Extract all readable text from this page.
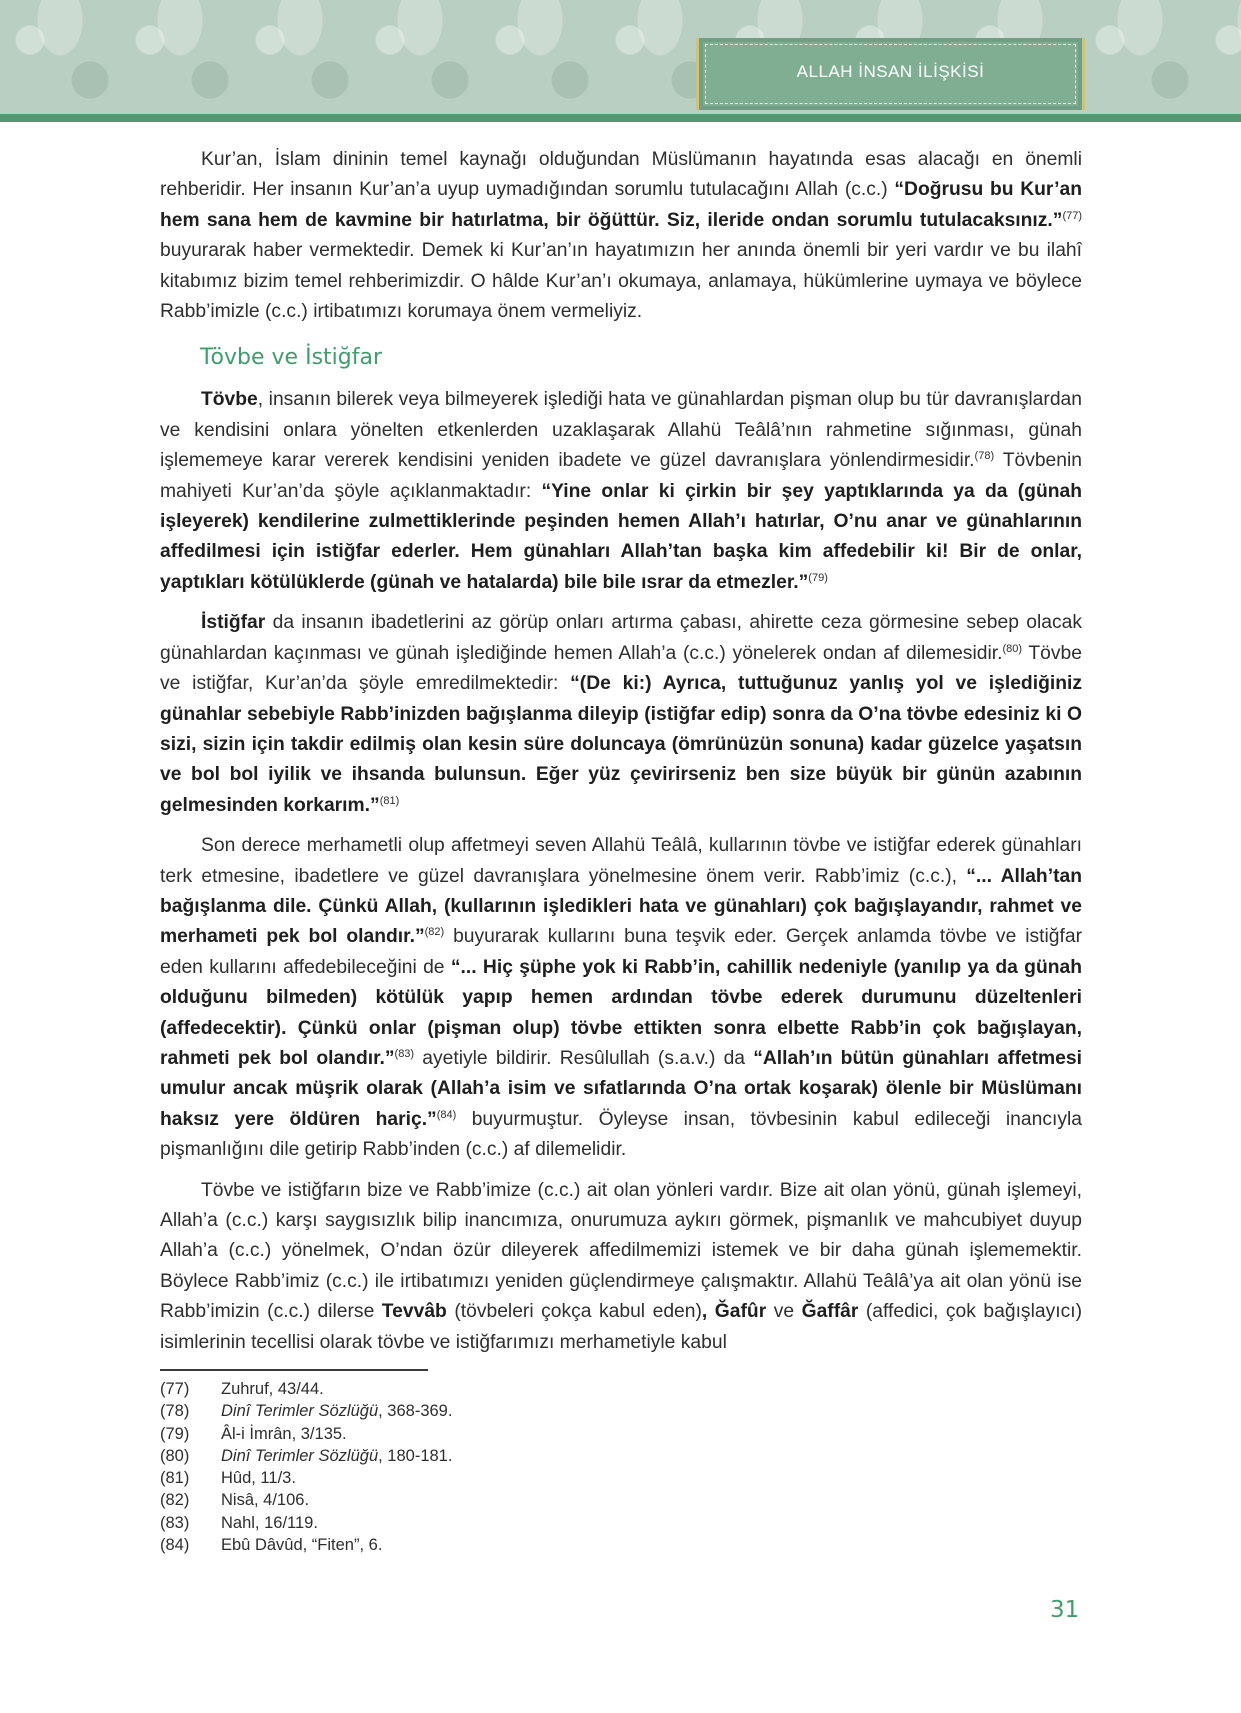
ALLAH İNSAN İLİŞKİSİ

Kur’an, İslam dininin temel kaynağı olduğundan Müslümanın hayatında esas alacağı en önemli rehberidir. Her insanın Kur’an’a uyup uymadığından sorumlu tutulacağını Allah (c.c.) “Doğrusu bu Kur’an hem sana hem de kavmine bir hatırlatma, bir öğüttür. Siz, ileride ondan sorumlu tutulacaksınız.”$^{(77)}$ buyurarak haber vermektedir. Demek ki Kur’an’ın hayatımızın her anında önemli bir yeri vardır ve bu ilahî kitabımız bizim temel rehberimizdir. O hâlde Kur’an’ı okumaya, anlamaya, hükümlerine uymaya ve böylece Rabb’imizle (c.c.) irtibatımızı korumaya önem vermeliyiz.

Tövbe ve İstiğfar

Tövbe, insanın bilerek veya bilmeyerek işlediği hata ve günahlardan pişman olup bu tür davranışlardan ve kendisini onlara yönelten etkenlerden uzaklaşarak Allahü Teâlâ’nın rahmetine sığınması, günah işlememeye karar vererek kendisini yeniden ibadete ve güzel davranışlara yönlendirmesidir.$^{(78)}$ Tövbenin mahiyeti Kur’an’da şöyle açıklanmaktadır: “Yine onlar ki çirkin bir şey yaptıklarında ya da (günah işleyerek) kendilerine zulmettiklerinde peşinden hemen Allah’ı hatırlar, O’nu anar ve günahlarının affedilmesi için istiğfar ederler. Hem günahları Allah’tan başka kim affedebilir ki! Bir de onlar, yaptıkları kötülüklerde (günah ve hatalarda) bile bile ısrar da etmezler.”$^{(79)}$

İstiğfar da insanın ibadetlerini az görüp onları artırma çabası, ahirette ceza görmesine sebep olacak günahlardan kaçınması ve günah işlediğinde hemen Allah’a (c.c.) yönelerek ondan af dilemesidir.$^{(80)}$ Tövbe ve istiğfar, Kur’an’da şöyle emredilmektedir: “(De ki:) Ayrıca, tuttuğunuz yanlış yol ve işlediğiniz günahlar sebebiyle Rabb’inizden bağışlanma dileyip (istiğfar edip) sonra da O’na tövbe edesiniz ki O sizi, sizin için takdir edilmiş olan kesin süre doluncaya (ömrünüzün sonuna) kadar güzelce yaşatsın ve bol bol iyilik ve ihsanda bulunsun. Eğer yüz çevirirseniz ben size büyük bir günün azabının gelmesinden korkarım.”$^{(81)}$

Son derece merhametli olup affetmeyi seven Allahü Teâlâ, kullarının tövbe ve istiğfar ederek günahları terk etmesine, ibadetlere ve güzel davranışlara yönelmesine önem verir. Rabb’imiz (c.c.), “... Allah’tan bağışlanma dile. Çünkü Allah, (kullarının işledikleri hata ve günahları) çok bağışlayandır, rahmet ve merhameti pek bol olandır.”$^{(82)}$ buyurarak kullarını buna teşvik eder. Gerçek anlamda tövbe ve istiğfar eden kullarını affedebileceğini de “... Hiç şüphe yok ki Rabb’in, cahillik nedeniyle (yanılıp ya da günah olduğunu bilmeden) kötülük yapıp hemen ardından tövbe ederek durumunu düzeltenleri (affedecektir). Çünkü onlar (pişman olup) tövbe ettikten sonra elbette Rabb’in çok bağışlayan, rahmeti pek bol olandır.”$^{(83)}$ ayetiyle bildirir. Resûlullah (s.a.v.) da “Allah’ın bütün günahları affetmesi umulur ancak müşrik olarak (Allah’a isim ve sıfatlarında O’na ortak koşarak) ölenle bir Müslümanı haksız yere öldüren hariç.”$^{(84)}$ buyurmuştur. Öyleyse insan, tövbesinin kabul edileceği inancıyla pişmanlığını dile getirip Rabb’inden (c.c.) af dilemelidir.

Tövbe ve istiğfarın bize ve Rabb’imize (c.c.) ait olan yönleri vardır. Bize ait olan yönü, günah işlemeyi, Allah’a (c.c.) karşı saygısızlık bilip inancımıza, onurumuza aykırı görmek, pişmanlık ve mahcubiyet duyup Allah’a (c.c.) yönelmek, O’ndan özür dileyerek affedilmemizi istemek ve bir daha günah işlememektir. Böylece Rabb’imiz (c.c.) ile irtibatımızı yeniden güçlendirmeye çalışmaktır. Allahü Teâlâ’ya ait olan yönü ise Rabb’imizin (c.c.) dilerse Tevvâb (tövbeleri çokça kabul eden), Ğafûr ve Ğaffâr (affedici, çok bağışlayıcı) isimlerinin tecellisi olarak tövbe ve istiğfarımızı merhametiyle kabul

(77)	Zuhruf, 43/44.
(78)	Dinî Terimler Sözlüğü, 368-369.
(79)	Âl-i İmrân, 3/135.
(80)	Dinî Terimler Sözlüğü, 180-181.
(81)	Hûd, 11/3.
(82)	Nisâ, 4/106.
(83)	Nahl, 16/119.
(84)	Ebû Dâvûd, “Fiten”, 6.
31
